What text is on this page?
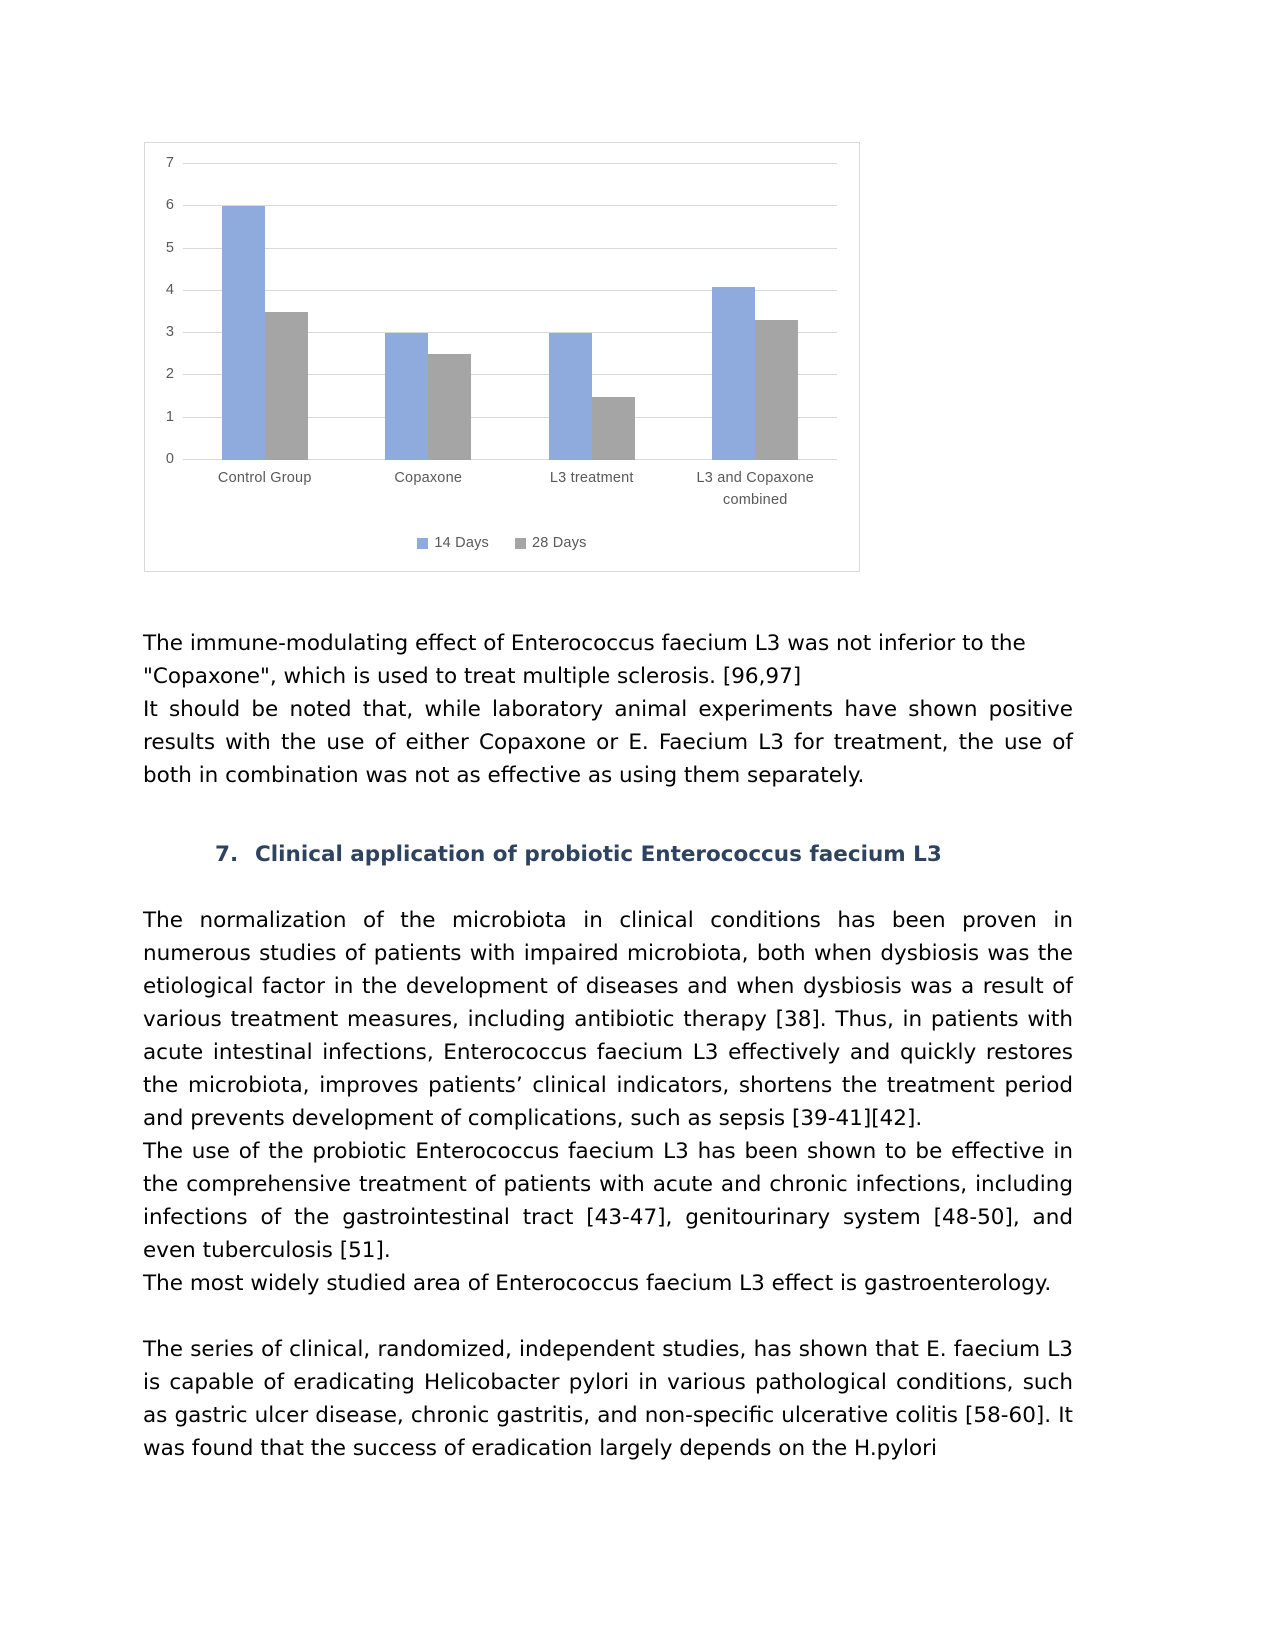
0
1
2
3
4
5
6
7
Control Group	Copaxone	L3 treatment	L3 and Copaxone combined
14 Days	28 Days

The immune-modulating effect of Enterococcus faecium L3 was not inferior to the

"Copaxone", which is used to treat multiple sclerosis. [96,97]

It should be noted that, while laboratory animal experiments have shown positive results with the use of either Copaxone or E. Faecium L3 for treatment, the use of both in combination was not as effective as using them separately.

7. Clinical application of probiotic Enterococcus faecium L3

The normalization of the microbiota in clinical conditions has been proven in numerous studies of patients with impaired microbiota, both when dysbiosis was the etiological factor in the development of diseases and when dysbiosis was a result of various treatment measures, including antibiotic therapy [38]. Thus, in patients with acute intestinal infections, Enterococcus faecium L3 effectively and quickly restores the microbiota, improves patients’ clinical indicators, shortens the treatment period and prevents development of complications, such as sepsis [39-41][42].

The use of the probiotic Enterococcus faecium L3 has been shown to be effective in the comprehensive treatment of patients with acute and chronic infections, including infections of the gastrointestinal tract [43-47], genitourinary system [48-50], and even tuberculosis [51].

The most widely studied area of Enterococcus faecium L3 effect is gastroenterology.

The series of clinical, randomized, independent studies, has shown that E. faecium L3 is capable of eradicating Helicobacter pylori in various pathological conditions, such as gastric ulcer disease, chronic gastritis, and non-specific ulcerative colitis [58-60]. It was found that the success of eradication largely depends on the H.pylori
